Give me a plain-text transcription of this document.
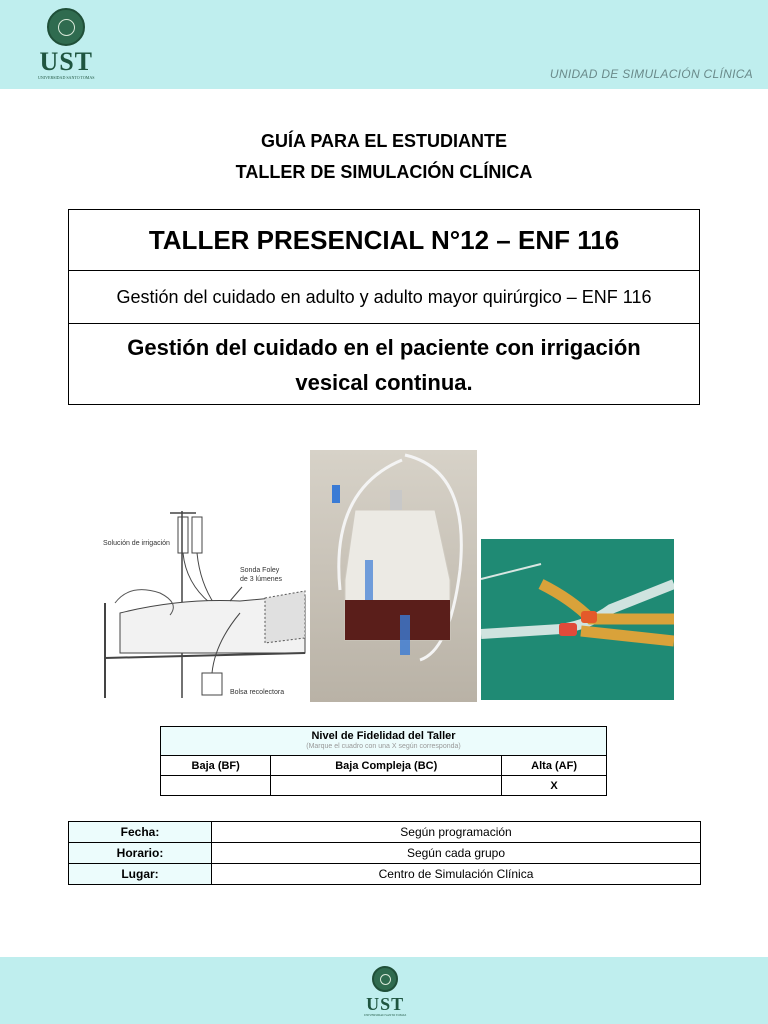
UST
UNIVERSIDAD SANTO TOMAS	UNIDAD DE SIMULACIÓN CLÍNICA
GUÍA PARA EL ESTUDIANTE
TALLER DE SIMULACIÓN CLÍNICA
TALLER PRESENCIAL N°12 – ENF 116
Gestión del cuidado en adulto y adulto mayor quirúrgico – ENF 116
Gestión del cuidado en el paciente con irrigación vesical continua.
Solución de irrigación
Sonda Foley
de 3 lúmenes
Bolsa recolectora
Nivel de Fidelidad del Taller
(Marque el cuadro con una X según corresponda)		

Baja (BF)	Baja Compleja (BC)	Alta (AF)
		X
Fecha:	Según programación
Horario:	Según cada grupo
Lugar:	Centro de Simulación Clínica
UST
UNIVERSIDAD SANTO TOMAS
